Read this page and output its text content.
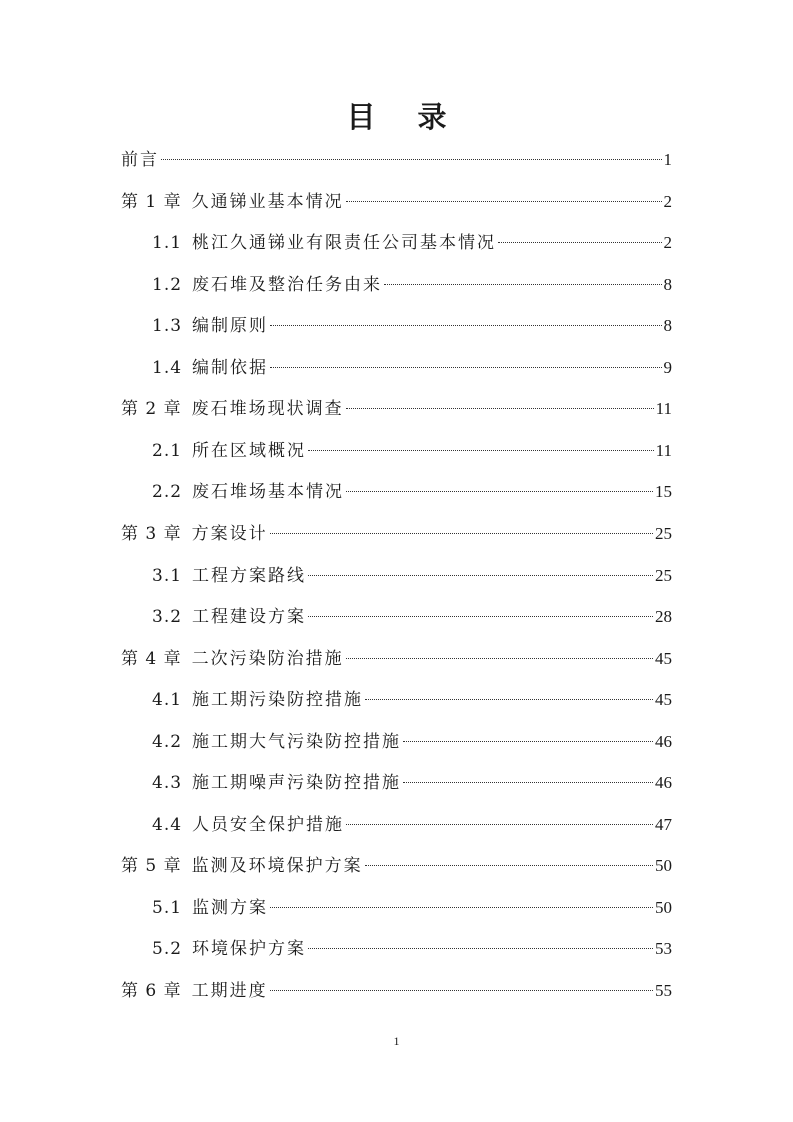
目 录
前言	1
第 1 章 久通锑业基本情况	2
1.1 桃江久通锑业有限责任公司基本情况	2
1.2 废石堆及整治任务由来	8
1.3 编制原则	8
1.4 编制依据	9
第 2 章 废石堆场现状调查	11
2.1 所在区域概况	11
2.2 废石堆场基本情况	15
第 3 章 方案设计	25
3.1 工程方案路线	25
3.2 工程建设方案	28
第 4 章 二次污染防治措施	45
4.1 施工期污染防控措施	45
4.2 施工期大气污染防控措施	46
4.3 施工期噪声污染防控措施	46
4.4 人员安全保护措施	47
第 5 章 监测及环境保护方案	50
5.1 监测方案	50
5.2 环境保护方案	53
第 6 章 工期进度	55
1
